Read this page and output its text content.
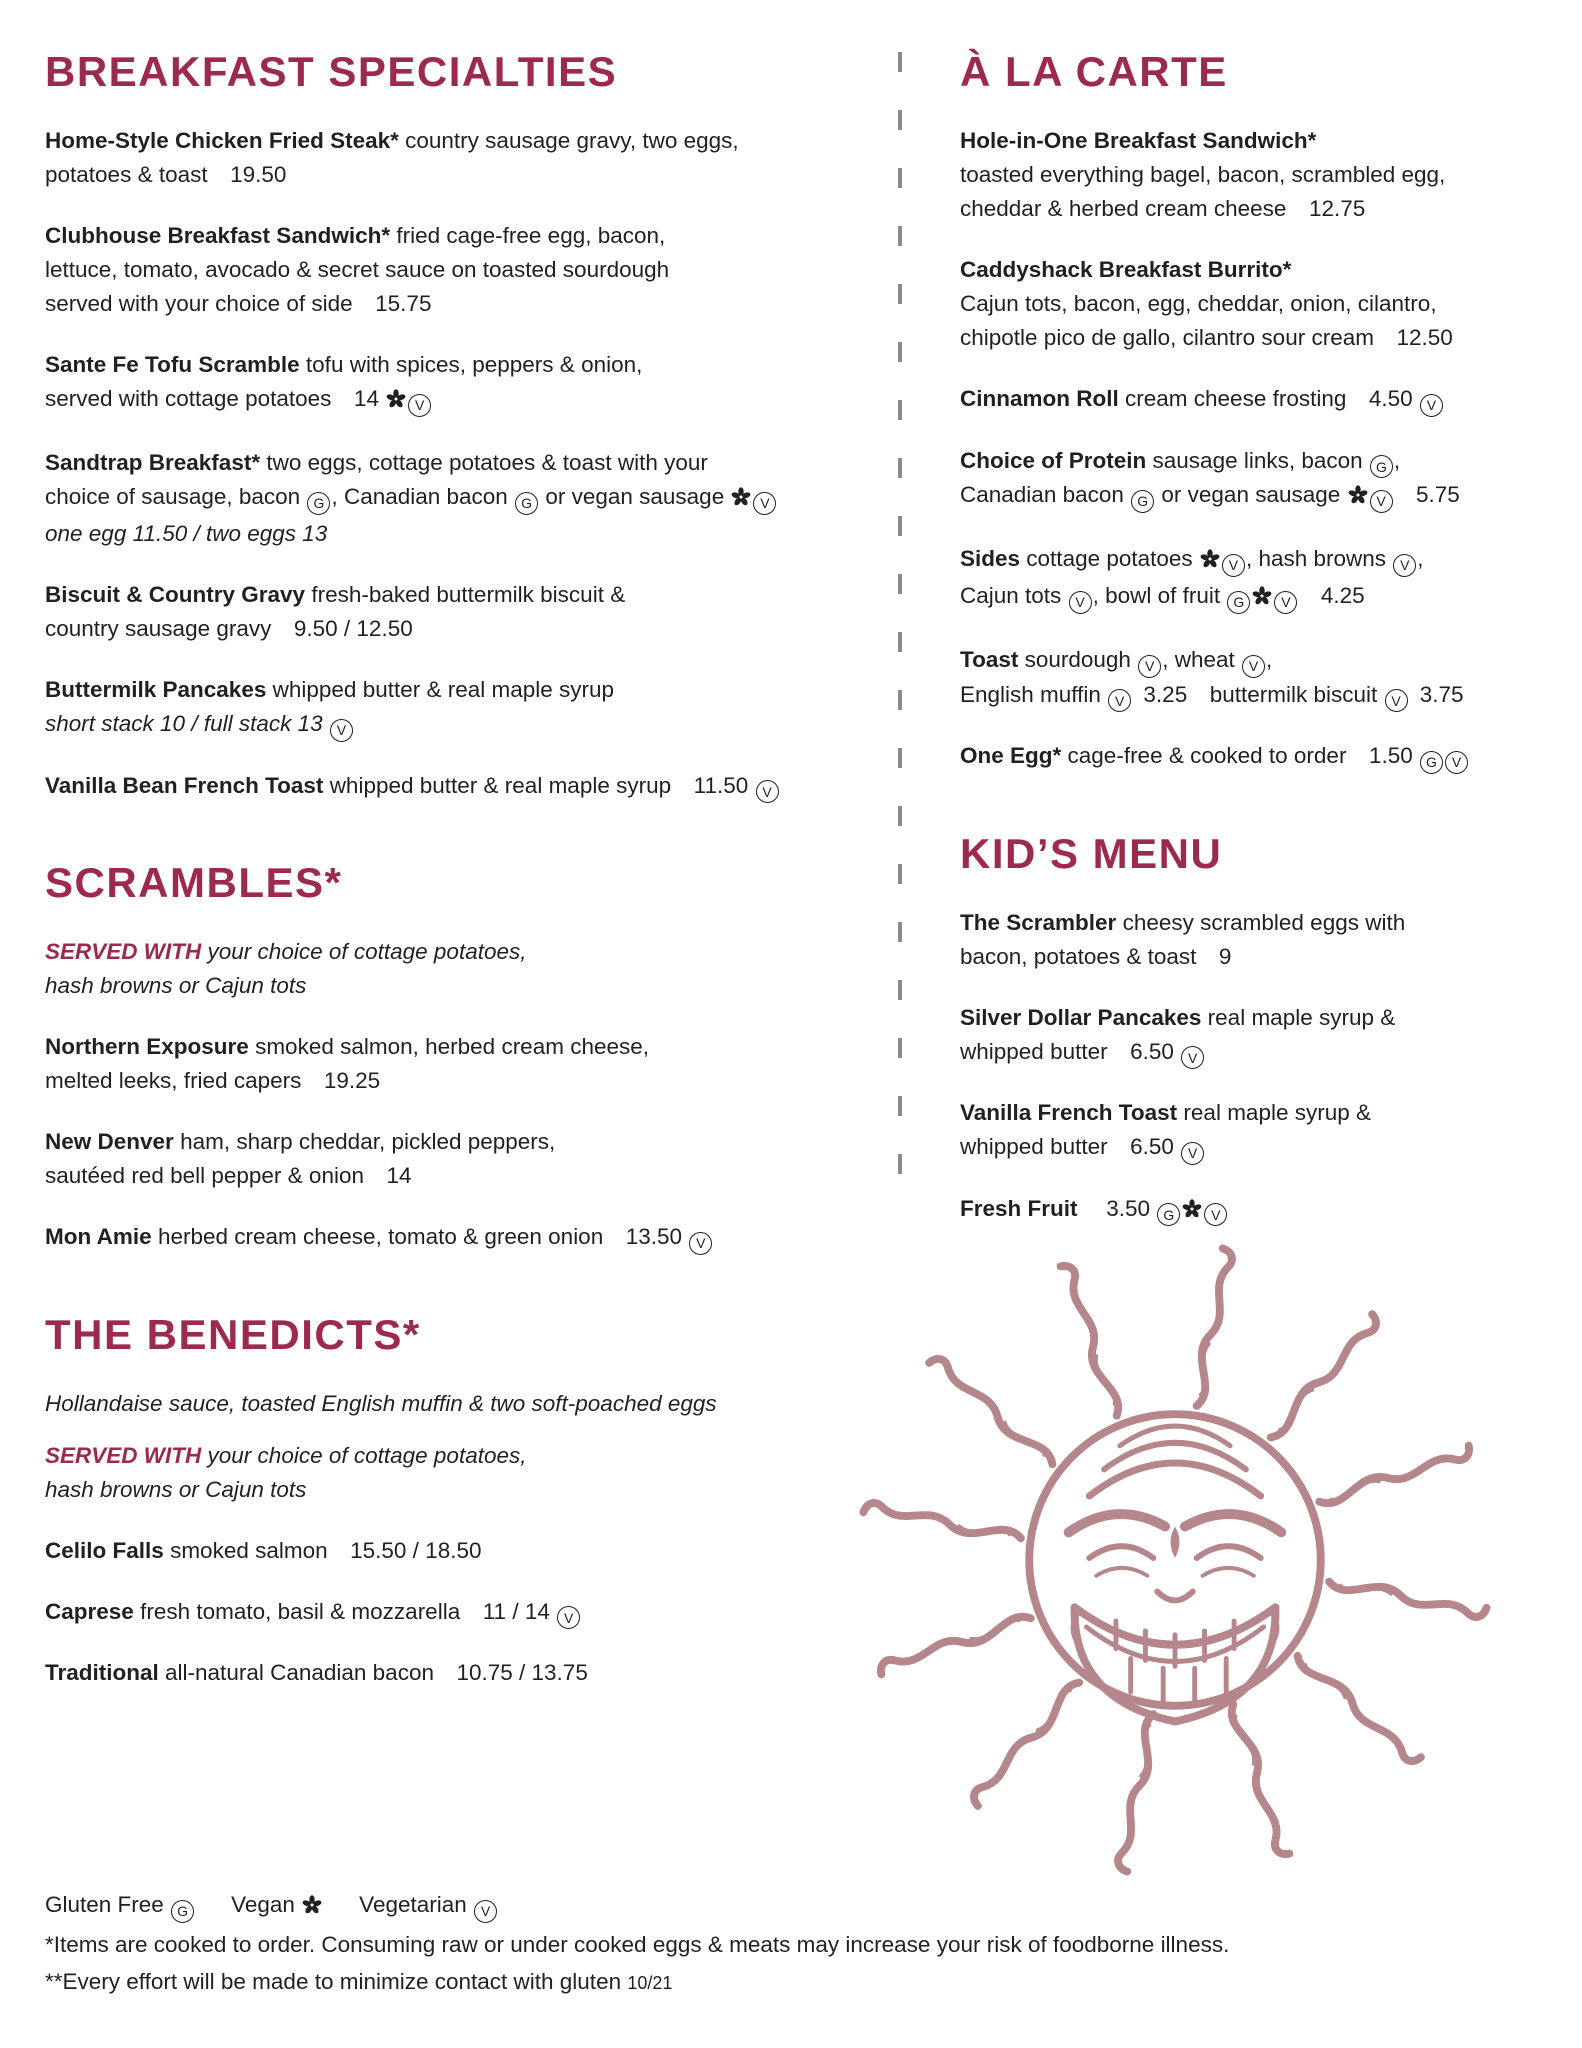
BREAKFAST SPECIALTIES

Home-Style Chicken Fried Steak* country sausage gravy, two eggs,
potatoes & toast  19.50

Clubhouse Breakfast Sandwich* fried cage-free egg, bacon,
lettuce, tomato, avocado & secret sauce on toasted sourdough
served with your choice of side  15.75

Sante Fe Tofu Scramble tofu with spices, peppers & onion,
served with cottage potatoes  14 V

Sandtrap Breakfast* two eggs, cottage potatoes & toast with your
choice of sausage, bacon G , Canadian bacon G or vegan sausage V
one egg 11.50 / two eggs 13

Biscuit & Country Gravy fresh-baked buttermilk biscuit &
country sausage gravy  9.50 / 12.50

Buttermilk Pancakes whipped butter & real maple syrup
short stack 10 / full stack 13 V

Vanilla Bean French Toast whipped butter & real maple syrup  11.50 V

SCRAMBLES*

SERVED WITH your choice of cottage potatoes,
hash browns or Cajun tots

Northern Exposure smoked salmon, herbed cream cheese,
melted leeks, fried capers  19.25

New Denver ham, sharp cheddar, pickled peppers,
sautéed red bell pepper & onion  14

Mon Amie herbed cream cheese, tomato & green onion  13.50 V

THE BENEDICTS*

Hollandaise sauce, toasted English muffin & two soft-poached eggs

SERVED WITH your choice of cottage potatoes,
hash browns or Cajun tots

Celilo Falls smoked salmon  15.50 / 18.50

Caprese fresh tomato, basil & mozzarella  11 / 14 V

Traditional all-natural Canadian bacon  10.75 / 13.75

À LA CARTE

Hole-in-One Breakfast Sandwich*
toasted everything bagel, bacon, scrambled egg,
cheddar & herbed cream cheese  12.75

Caddyshack Breakfast Burrito*
Cajun tots, bacon, egg, cheddar, onion, cilantro,
chipotle pico de gallo, cilantro sour cream  12.50

Cinnamon Roll cream cheese frosting  4.50 V

Choice of Protein sausage links, bacon G ,
Canadian bacon G or vegan sausage V  5.75

Sides cottage potatoes V , hash browns V ,
Cajun tots V , bowl of fruit G	V  4.25

Toast sourdough V , wheat V ,
English muffin V 3.25  buttermilk biscuit V 3.75

One Egg* cage-free & cooked to order  1.50 G V

KID’S MENU

The Scrambler cheesy scrambled eggs with
bacon, potatoes & toast  9

Silver Dollar Pancakes real maple syrup &
whipped butter  6.50 V

Vanilla French Toast real maple syrup &
whipped butter  6.50 V

Fresh Fruit   3.50 G	V

Gluten Free G Vegan	Vegetarian V
*Items are cooked to order. Consuming raw or under cooked eggs & meats may increase your risk of foodborne illness.
**Every effort will be made to minimize contact with gluten 10/21
